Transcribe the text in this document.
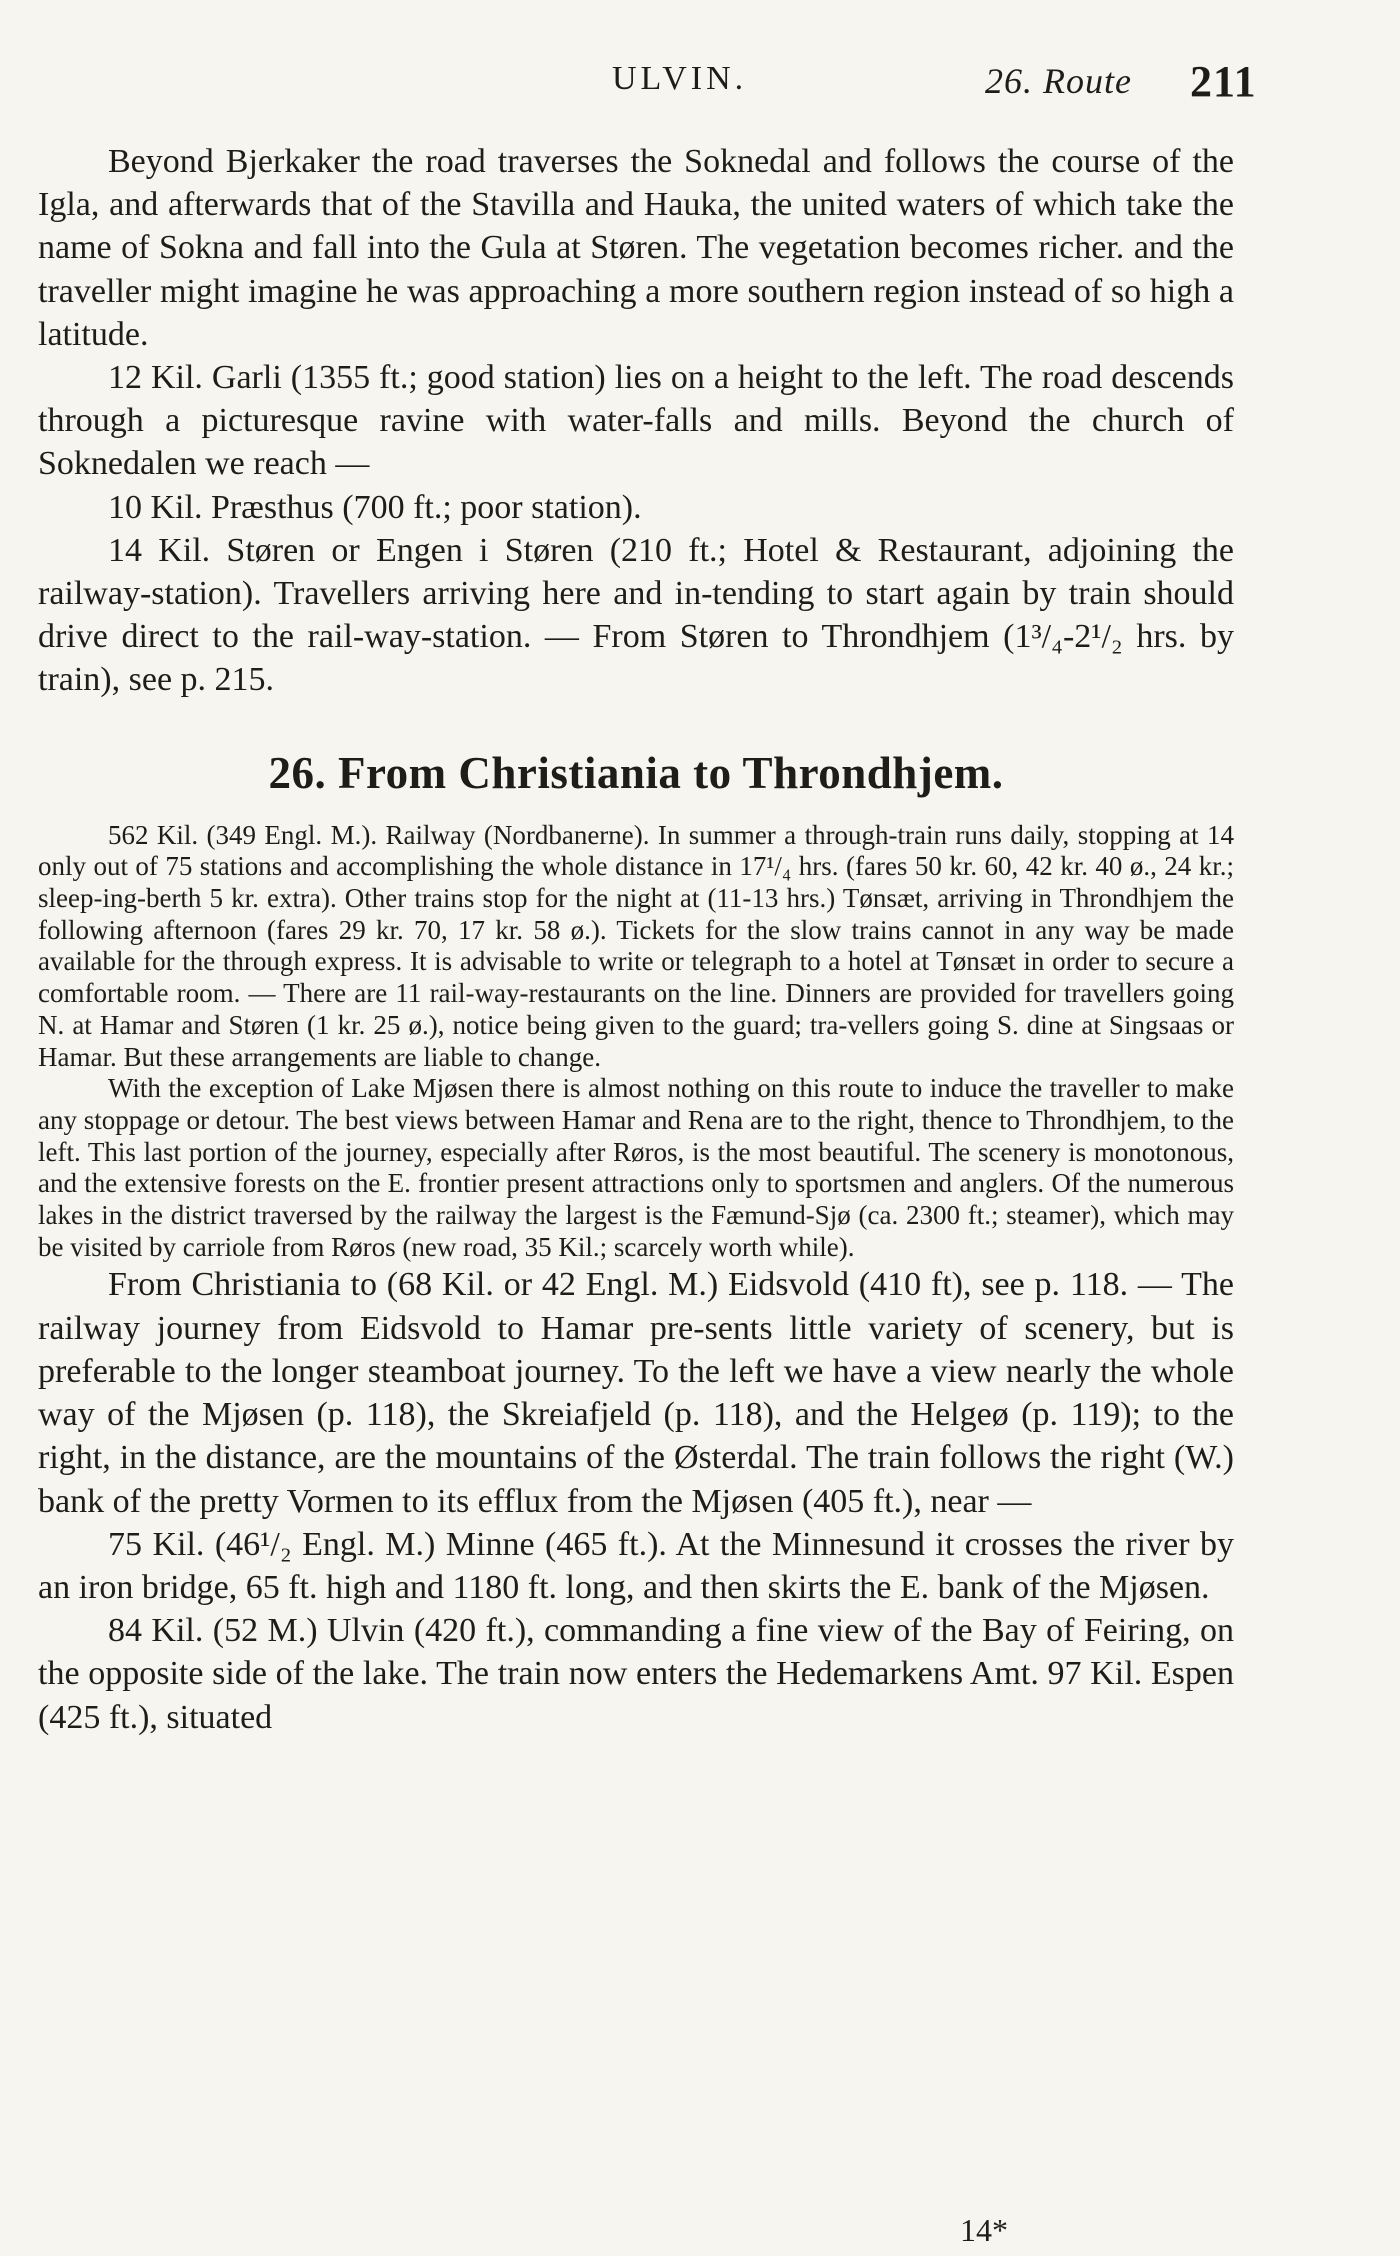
ULVIN.	26. Route 211

Beyond Bjerkaker the road traverses the Soknedal and follows the course of the Igla, and afterwards that of the Stavilla and Hauka, the united waters of which take the name of Sokna and fall into the Gula at Støren. The vegetation becomes richer. and the traveller might imagine he was approaching a more southern region instead of so high a latitude.

12 Kil. Garli (1355 ft.; good station) lies on a height to the left. The road descends through a picturesque ravine with water-falls and mills. Beyond the church of Soknedalen we reach —

10 Kil. Præsthus (700 ft.; poor station).

14 Kil. Støren or Engen i Støren (210 ft.; Hotel & Restaurant, adjoining the railway-station). Travellers arriving here and in-tending to start again by train should drive direct to the rail-way-station. — From Støren to Throndhjem (1³/₄-2¹/₂ hrs. by train), see p. 215.

26. From Christiania to Throndhjem.

562 Kil. (349 Engl. M.). Railway (Nordbanerne). In summer a through-train runs daily, stopping at 14 only out of 75 stations and accomplishing the whole distance in 17¹/₄ hrs. (fares 50 kr. 60, 42 kr. 40 ø., 24 kr.; sleep-ing-berth 5 kr. extra). Other trains stop for the night at (11-13 hrs.) Tønsæt, arriving in Throndhjem the following afternoon (fares 29 kr. 70, 17 kr. 58 ø.). Tickets for the slow trains cannot in any way be made available for the through express. It is advisable to write or telegraph to a hotel at Tønsæt in order to secure a comfortable room. — There are 11 rail-way-restaurants on the line. Dinners are provided for travellers going N. at Hamar and Støren (1 kr. 25 ø.), notice being given to the guard; tra-vellers going S. dine at Singsaas or Hamar. But these arrangements are liable to change.

With the exception of Lake Mjøsen there is almost nothing on this route to induce the traveller to make any stoppage or detour. The best views between Hamar and Rena are to the right, thence to Throndhjem, to the left. This last portion of the journey, especially after Røros, is the most beautiful. The scenery is monotonous, and the extensive forests on the E. frontier present attractions only to sportsmen and anglers. Of the numerous lakes in the district traversed by the railway the largest is the Fæmund-Sjø (ca. 2300 ft.; steamer), which may be visited by carriole from Røros (new road, 35 Kil.; scarcely worth while).

From Christiania to (68 Kil. or 42 Engl. M.) Eidsvold (410 ft), see p. 118. — The railway journey from Eidsvold to Hamar pre-sents little variety of scenery, but is preferable to the longer steamboat journey. To the left we have a view nearly the whole way of the Mjøsen (p. 118), the Skreiafjeld (p. 118), and the Helgeø (p. 119); to the right, in the distance, are the mountains of the Østerdal. The train follows the right (W.) bank of the pretty Vormen to its efflux from the Mjøsen (405 ft.), near —

75 Kil. (46¹/₂ Engl. M.) Minne (465 ft.). At the Minnesund it crosses the river by an iron bridge, 65 ft. high and 1180 ft. long, and then skirts the E. bank of the Mjøsen.

84 Kil. (52 M.) Ulvin (420 ft.), commanding a fine view of the Bay of Feiring, on the opposite side of the lake. The train now enters the Hedemarkens Amt. 97 Kil. Espen (425 ft.), situated

14*
